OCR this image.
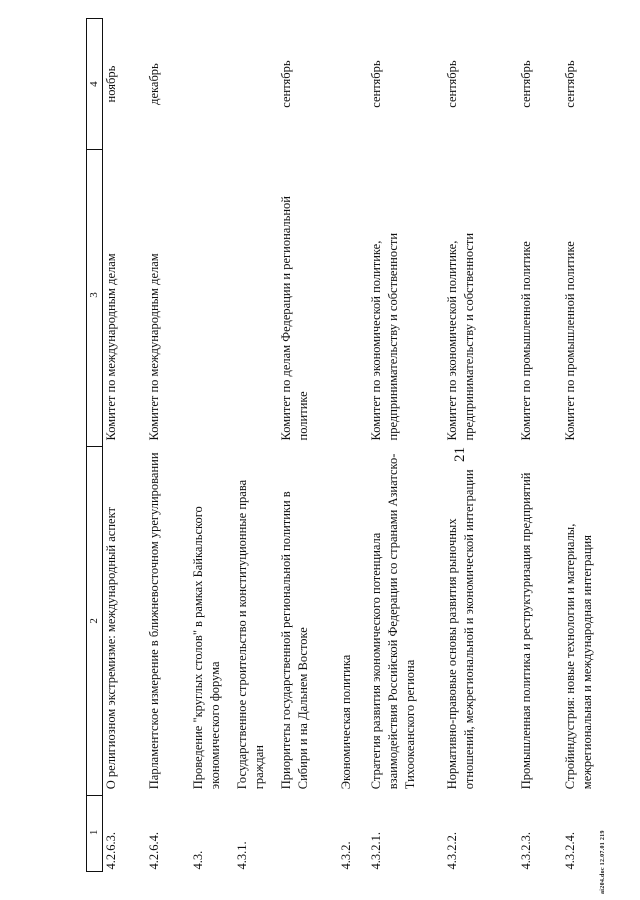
21
1	2	3	4
4.2.6.3.	О религиозном экстремизме: международный аспект	Комитет по международным делам	ноябрь
4.2.6.4.	Парламентское измерение в ближневосточном урегулировании	Комитет по международным делам	декабрь
4.3.	Проведение "круглых столов" в рамках Байкальского экономического форума		
4.3.1.	Государственное строительство и конституционные права граждан		
	Приоритеты государственной региональной политики в Сибири и на Дальнем Востоке	Комитет по делам Федерации и региональной политике	сентябрь
4.3.2.	Экономическая политика		
4.3.2.1.	Стратегия развития экономического потенциала взаимодействия Российской Федерации со странами Азиатско-Тихоокеанского региона	Комитет по экономической политике, предпринимательству и собственности	сентябрь
4.3.2.2.	Нормативно-правовые основы развития рыночных отношений, межрегиональной и экономической интеграции	Комитет по экономической политике, предпринимательству и собственности	сентябрь
4.3.2.3.	Промышленная политика и реструктуризация предприятий	Комитет по промышленной политике	сентябрь
4.3.2.4.	Стройиндустрия: новые технологии и материалы, межрегиональная и международная интеграция	Комитет по промышленной политике	сентябрь
ai204.doc 12.07.01 219
